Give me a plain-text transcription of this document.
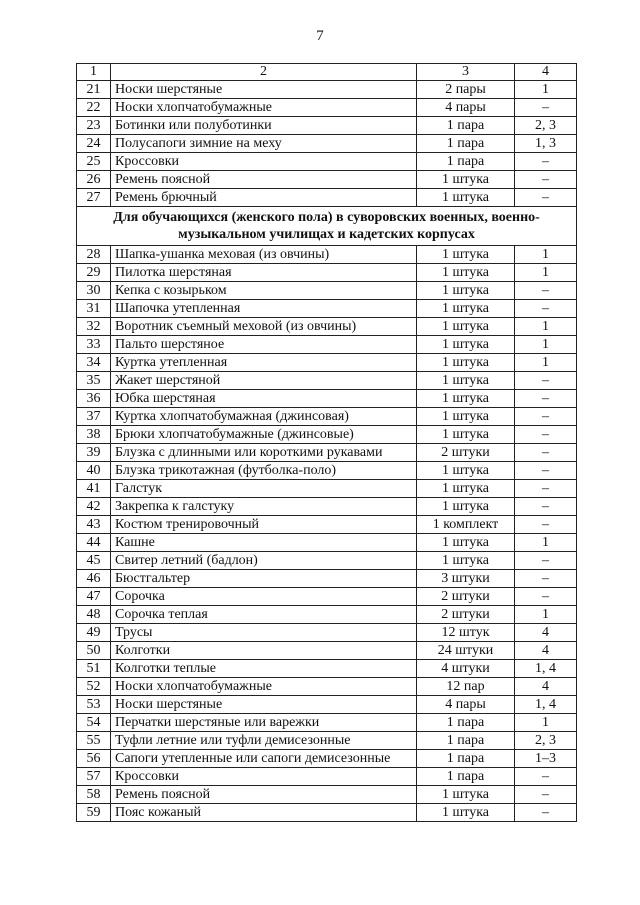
7
1	2	3	4
21	Носки шерстяные	2 пары	1
22	Носки хлопчатобумажные	4 пары	–
23	Ботинки или полуботинки	1 пара	2, 3
24	Полусапоги зимние на меху	1 пара	1, 3
25	Кроссовки	1 пара	–
26	Ремень поясной	1 штука	–
27	Ремень брючный	1 штука	–
Для обучающихся (женского пола) в суворовских военных, военно-музыкальном училищах и кадетских корпусах			
28	Шапка-ушанка меховая (из овчины)	1 штука	1
29	Пилотка шерстяная	1 штука	1
30	Кепка с козырьком	1 штука	–
31	Шапочка утепленная	1 штука	–
32	Воротник съемный меховой (из овчины)	1 штука	1
33	Пальто шерстяное	1 штука	1
34	Куртка утепленная	1 штука	1
35	Жакет шерстяной	1 штука	–
36	Юбка шерстяная	1 штука	–
37	Куртка хлопчатобумажная (джинсовая)	1 штука	–
38	Брюки хлопчатобумажные (джинсовые)	1 штука	–
39	Блузка с длинными или короткими рукавами	2 штуки	–
40	Блузка трикотажная (футболка-поло)	1 штука	–
41	Галстук	1 штука	–
42	Закрепка к галстуку	1 штука	–
43	Костюм тренировочный	1 комплект	–
44	Кашне	1 штука	1
45	Свитер летний (бадлон)	1 штука	–
46	Бюстгальтер	3 штуки	–
47	Сорочка	2 штуки	–
48	Сорочка теплая	2 штуки	1
49	Трусы	12 штук	4
50	Колготки	24 штуки	4
51	Колготки теплые	4 штуки	1, 4
52	Носки хлопчатобумажные	12 пар	4
53	Носки шерстяные	4 пары	1, 4
54	Перчатки шерстяные или варежки	1 пара	1
55	Туфли летние или туфли демисезонные	1 пара	2, 3
56	Сапоги утепленные или сапоги демисезонные	1 пара	1–3
57	Кроссовки	1 пара	–
58	Ремень поясной	1 штука	–
59	Пояс кожаный	1 штука	–
